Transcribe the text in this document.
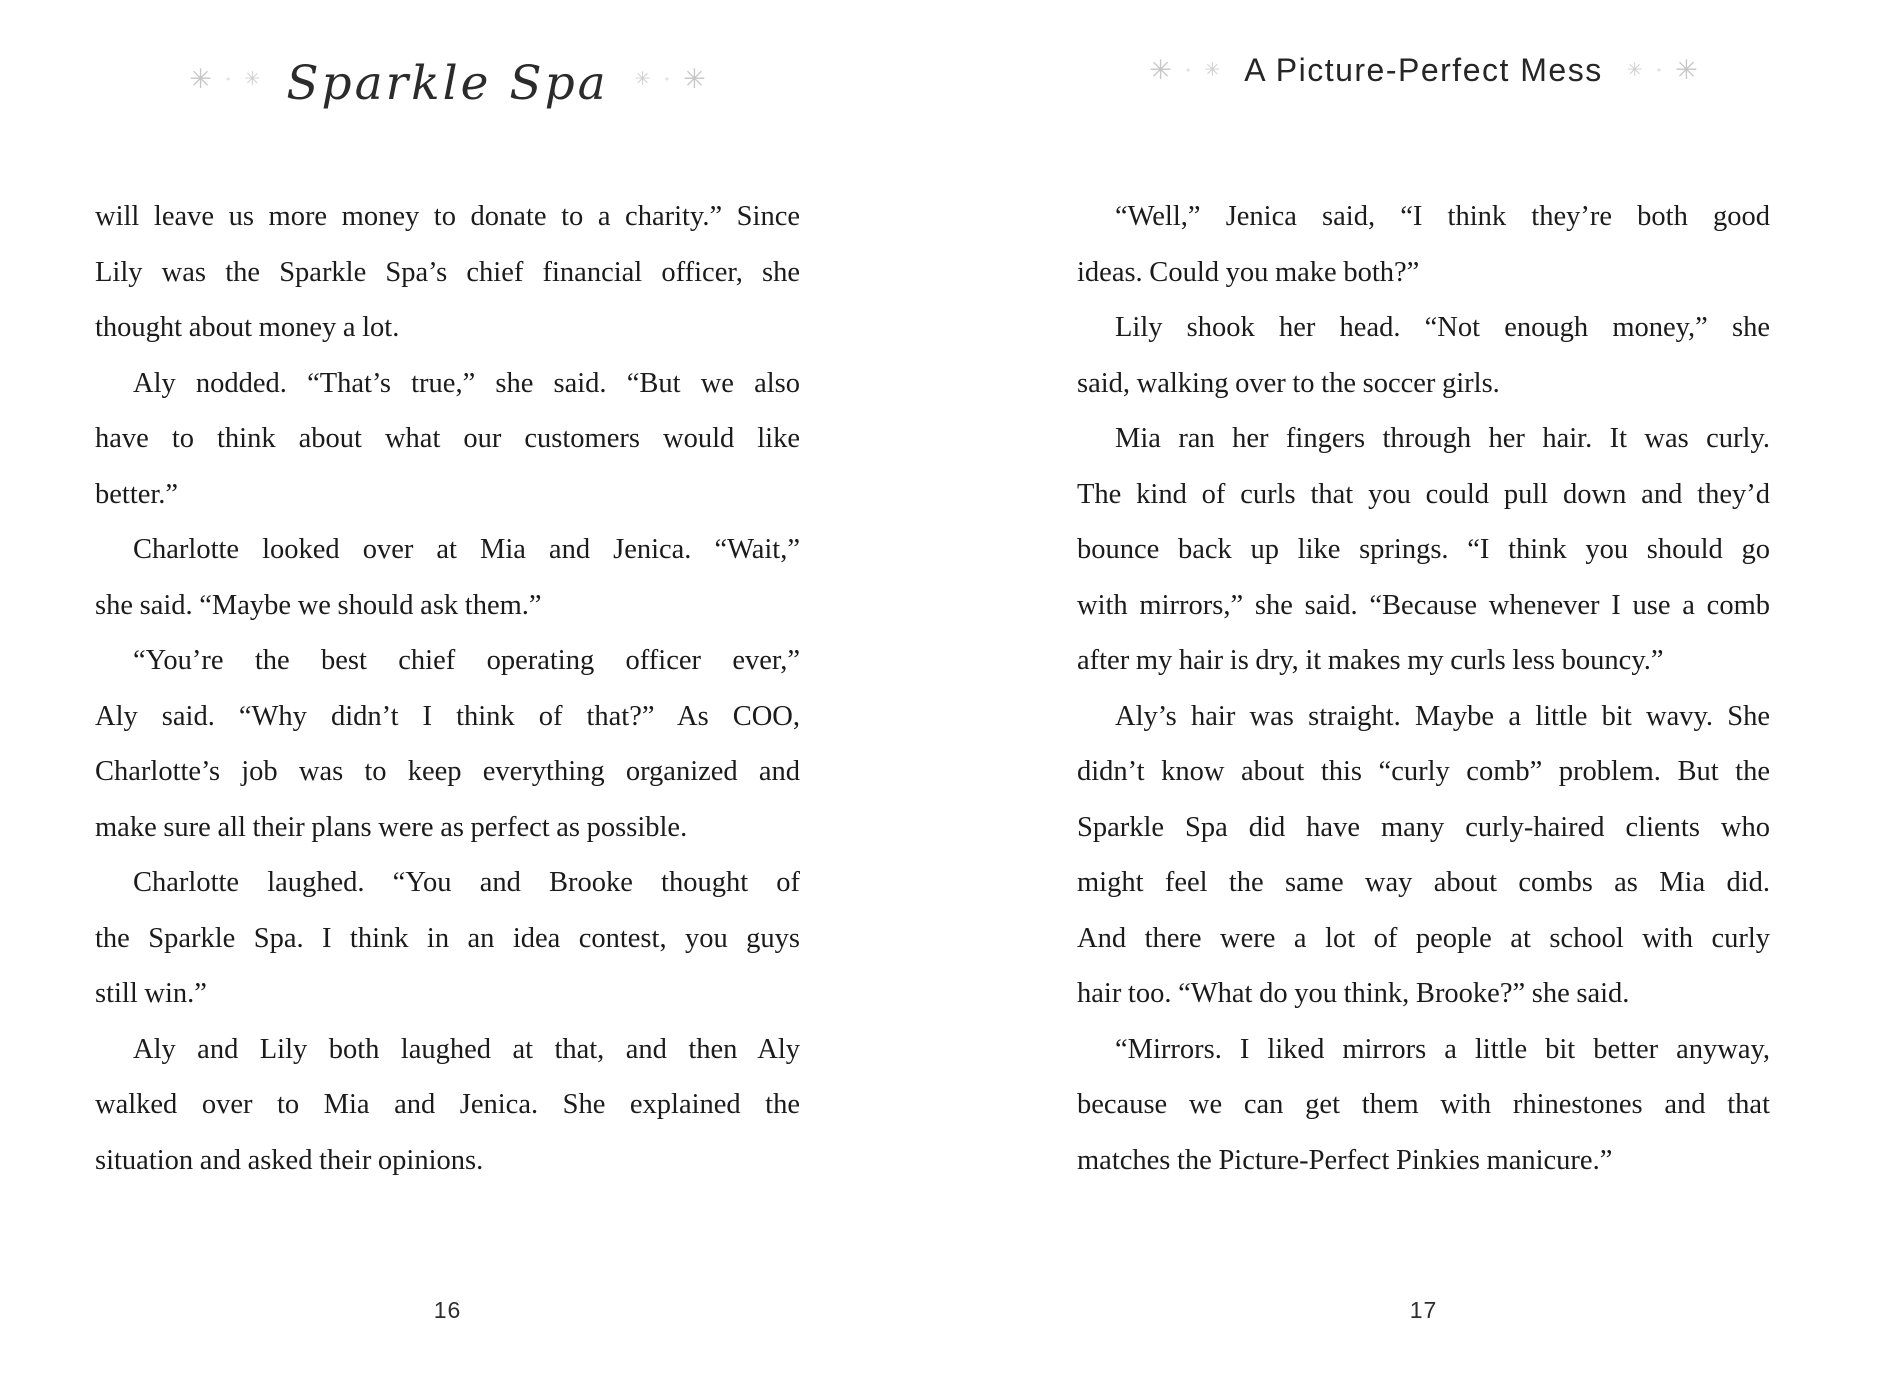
✳ • ✳ Sparkle Spa ✳ • ✳
will leave us more money to donate to a charity.” Since
Lily was the Sparkle Spa’s chief financial officer, she
thought about money a lot.
Aly nodded. “That’s true,” she said. “But we also
have to think about what our customers would like
better.”
Charlotte looked over at Mia and Jenica. “Wait,”
she said. “Maybe we should ask them.”
“You’re the best chief operating officer ever,”
Aly said. “Why didn’t I think of that?” As COO,
Charlotte’s job was to keep everything organized and
make sure all their plans were as perfect as possible.
Charlotte laughed. “You and Brooke thought of
the Sparkle Spa. I think in an idea contest, you guys
still win.”
Aly and Lily both laughed at that, and then Aly
walked over to Mia and Jenica. She explained the
situation and asked their opinions.
16
✳ • ✳ A Picture-Perfect Mess ✳ • ✳
“Well,” Jenica said, “I think they’re both good
ideas. Could you make both?”
Lily shook her head. “Not enough money,” she
said, walking over to the soccer girls.
Mia ran her fingers through her hair. It was curly.
The kind of curls that you could pull down and they’d
bounce back up like springs. “I think you should go
with mirrors,” she said. “Because whenever I use a comb
after my hair is dry, it makes my curls less bouncy.”
Aly’s hair was straight. Maybe a little bit wavy. She
didn’t know about this “curly comb” problem. But the
Sparkle Spa did have many curly-haired clients who
might feel the same way about combs as Mia did.
And there were a lot of people at school with curly
hair too. “What do you think, Brooke?” she said.
“Mirrors. I liked mirrors a little bit better anyway,
because we can get them with rhinestones and that
matches the Picture-Perfect Pinkies manicure.”
17
